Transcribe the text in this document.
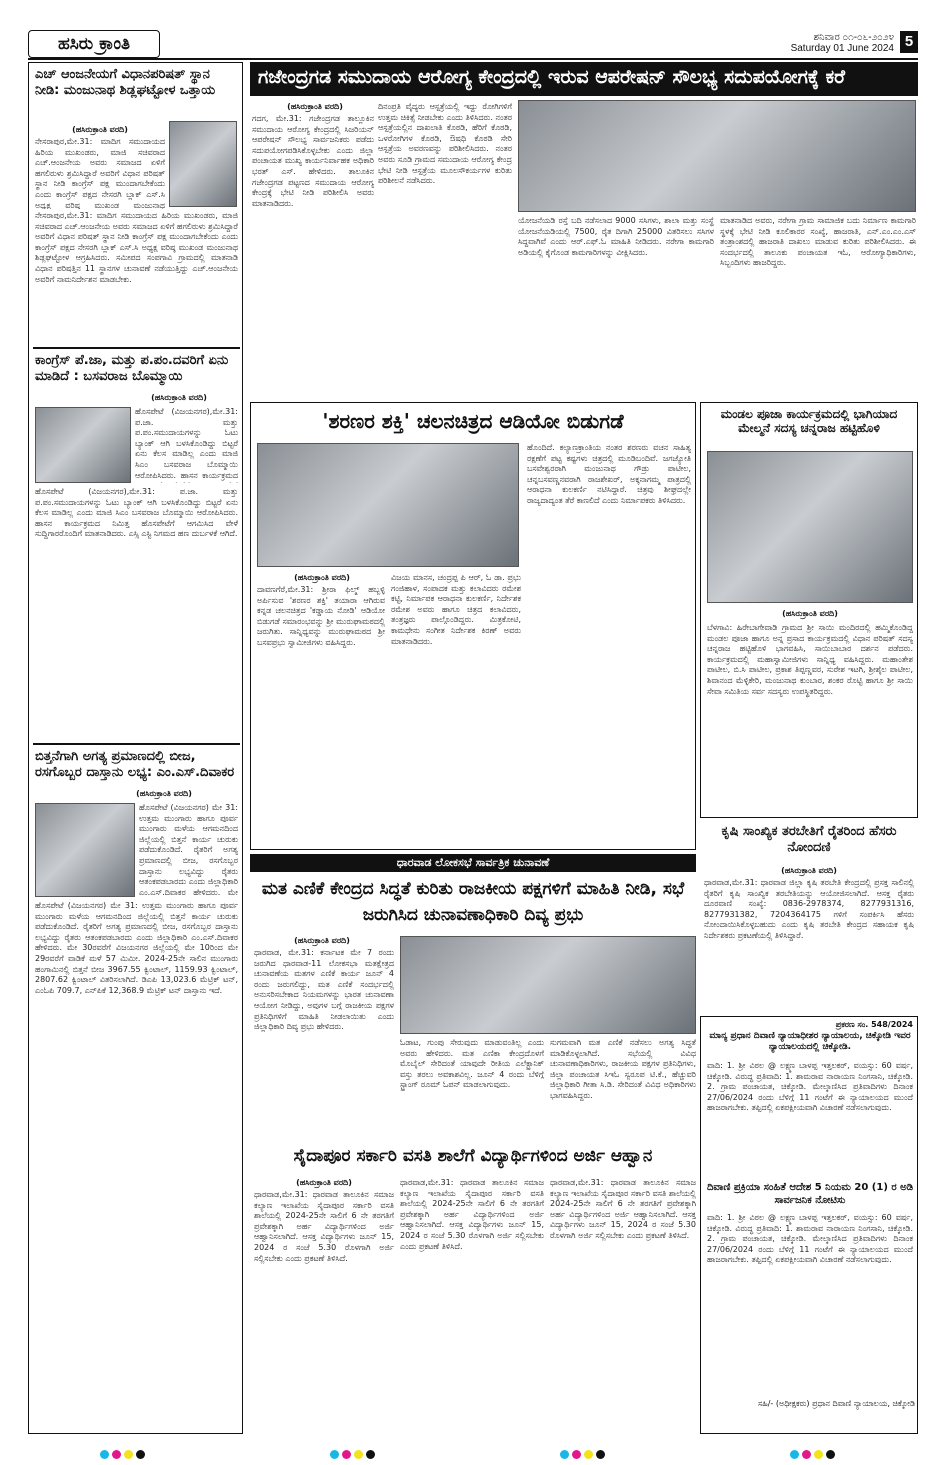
ಹಸಿರು ಕ್ರಾಂತಿ	ಶನಿವಾರ ೦೧-೦೬-೨೦೨೪
Saturday 01 June 2024 5
ಎಚ್ ಆಂಜನೇಯಗೆ ವಿಧಾನಪರಿಷತ್ ಸ್ಥಾನ ನೀಡಿ: ಮಂಜುನಾಥ ಶಿಡ್ಲಘಟ್ಟೋಳ ಒತ್ತಾಯ
(ಹಸಿರುಕ್ರಾಂತಿ ವರದಿ)
ನೇಸರಾಪುರ,ಮೇ.31: ಮಾದಿಗ ಸಮುದಾಯದ ಹಿರಿಯ ಮುಖಂಡರು, ಮಾಜಿ ಸಚಿವರಾದ ಎಚ್.ಆಂಜನೇಯ ಅವರು ಸಮಾಜದ ಏಳಿಗೆ ಹಗಲಿರುಳು ಶ್ರಮಿಸಿದ್ದಾರೆ ಅವರಿಗೆ ವಿಧಾನ ಪರಿಷತ್ ಸ್ಥಾನ ನೀಡಿ ಕಾಂಗ್ರೆಸ್ ಪಕ್ಷ ಮುಂದಾಗಬೇಕೆಂದು ಎಂದು ಕಾಂಗ್ರೆಸ್ ಪಕ್ಷದ ನೇಸರಗಿ ಬ್ಲಾಕ್ ಎಸ್.ಸಿ ಅಧ್ಯಕ್ಷ ವರಿಷ್ಠ ಮುಖಂಡ ಮಂಜುನಾಥ
ನೇಸರಾಪುರ,ಮೇ.31: ಮಾದಿಗ ಸಮುದಾಯದ ಹಿರಿಯ ಮುಖಂಡರು, ಮಾಜಿ ಸಚಿವರಾದ ಎಚ್.ಆಂಜನೇಯ ಅವರು ಸಮಾಜದ ಏಳಿಗೆ ಹಗಲಿರುಳು ಶ್ರಮಿಸಿದ್ದಾರೆ ಅವರಿಗೆ ವಿಧಾನ ಪರಿಷತ್ ಸ್ಥಾನ ನೀಡಿ ಕಾಂಗ್ರೆಸ್ ಪಕ್ಷ ಮುಂದಾಗಬೇಕೆಂದು ಎಂದು ಕಾಂಗ್ರೆಸ್ ಪಕ್ಷದ ನೇಸರಗಿ ಬ್ಲಾಕ್ ಎಸ್.ಸಿ ಅಧ್ಯಕ್ಷ ವರಿಷ್ಠ ಮುಖಂಡ ಮಂಜುನಾಥ ಶಿಡ್ಲಘಟ್ಟೋಳ ಆಗ್ರಹಿಸಿದರು. ಸಮೀಪದ ಸಂಪಗಾವಿ ಗ್ರಾಮದಲ್ಲಿ ಮಾತನಾಡಿ ವಿಧಾನ ಪರಿಷತ್ತಿನ 11 ಸ್ಥಾನಗಳ ಚುನಾವಣೆ ನಡೆಯುತ್ತಿದ್ದು ಎಚ್.ಆಂಜನೇಯ ಅವರಿಗೆ ನಾಮನಿರ್ದೇಶನ ಮಾಡಬೇಕು.
ಕಾಂಗ್ರೆಸ್ ಪೆ.ಜಾ, ಮತ್ತು ಪ.ಪಂ.ದವರಿಗೆ ಏನು ಮಾಡಿದೆ : ಬಸವರಾಜ ಬೊಮ್ಮಾಯಿ
(ಹಸಿರುಕ್ರಾಂತಿ ವರದಿ)
ಹೊಸಪೇಟೆ (ವಿಜಯನಗರ),ಮೇ.31: ಪ.ಜಾ. ಮತ್ತು ಪ.ಪಂ.ಸಮುದಾಯಗಳನ್ನು ಓಟು ಬ್ಯಾಂಕ್ ಆಗಿ ಬಳಸಿಕೊಂಡಿದ್ದು ಬಿಟ್ಟರೆ ಏನು ಕೆಲಸ ಮಾಡಿಲ್ಲ ಎಂದು ಮಾಜಿ ಸಿಎಂ ಬಸವರಾಜ ಬೊಮ್ಮಾಯಿ ಆರೋಪಿಸಿದರು. ಹಾಸನ ಕಾರ್ಯಕ್ರಮದ
ಹೊಸಪೇಟೆ (ವಿಜಯನಗರ),ಮೇ.31: ಪ.ಜಾ. ಮತ್ತು ಪ.ಪಂ.ಸಮುದಾಯಗಳನ್ನು ಓಟು ಬ್ಯಾಂಕ್ ಆಗಿ ಬಳಸಿಕೊಂಡಿದ್ದು ಬಿಟ್ಟರೆ ಏನು ಕೆಲಸ ಮಾಡಿಲ್ಲ ಎಂದು ಮಾಜಿ ಸಿಎಂ ಬಸವರಾಜ ಬೊಮ್ಮಾಯಿ ಆರೋಪಿಸಿದರು. ಹಾಸನ ಕಾರ್ಯಕ್ರಮದ ನಿಮಿತ್ತ ಹೊಸಪೇಟೆಗೆ ಆಗಮಿಸಿದ ವೇಳೆ ಸುದ್ದಿಗಾರರೊಂದಿಗೆ ಮಾತನಾಡಿದರು. ಎಸ್ಸಿ ಎಸ್ಟಿ ನಿಗಮದ ಹಣ ದುರ್ಬಳಕೆ ಆಗಿದೆ.
ಬಿತ್ತನೆಗಾಗಿ ಅಗತ್ಯ ಪ್ರಮಾಣದಲ್ಲಿ ಬೀಜ, ರಸಗೊಬ್ಬರ ದಾಸ್ತಾನು ಲಭ್ಯ: ಎಂ.ಎಸ್.ದಿವಾಕರ
(ಹಸಿರುಕ್ರಾಂತಿ ವರದಿ)
ಹೊಸಪೇಟೆ (ವಿಜಯನಗರ) ಮೇ 31: ಉತ್ತಮ ಮುಂಗಾರು ಹಾಗೂ ಪೂರ್ವ ಮುಂಗಾರು ಮಳೆಯ ಆಗಮನದಿಂದ ಜಿಲ್ಲೆಯಲ್ಲಿ ಬಿತ್ತನೆ ಕಾರ್ಯ ಚುರುಕು ಪಡೆದುಕೊಂಡಿದೆ. ರೈತರಿಗೆ ಅಗತ್ಯ ಪ್ರಮಾಣದಲ್ಲಿ ಬೀಜ, ರಸಗೊಬ್ಬರ ದಾಸ್ತಾನು ಲಭ್ಯವಿದ್ದು ರೈತರು ಆತಂಕಪಡಬಾರದು ಎಂದು ಜಿಲ್ಲಾಧಿಕಾರಿ ಎಂ.ಎಸ್.ದಿವಾಕರ ಹೇಳಿದರು. ಮೇ
ಹೊಸಪೇಟೆ (ವಿಜಯನಗರ) ಮೇ 31: ಉತ್ತಮ ಮುಂಗಾರು ಹಾಗೂ ಪೂರ್ವ ಮುಂಗಾರು ಮಳೆಯ ಆಗಮನದಿಂದ ಜಿಲ್ಲೆಯಲ್ಲಿ ಬಿತ್ತನೆ ಕಾರ್ಯ ಚುರುಕು ಪಡೆದುಕೊಂಡಿದೆ. ರೈತರಿಗೆ ಅಗತ್ಯ ಪ್ರಮಾಣದಲ್ಲಿ ಬೀಜ, ರಸಗೊಬ್ಬರ ದಾಸ್ತಾನು ಲಭ್ಯವಿದ್ದು ರೈತರು ಆತಂಕಪಡಬಾರದು ಎಂದು ಜಿಲ್ಲಾಧಿಕಾರಿ ಎಂ.ಎಸ್.ದಿವಾಕರ ಹೇಳಿದರು. ಮೇ 30ರವರೆಗೆ ವಿಜಯನಗರ ಜಿಲ್ಲೆಯಲ್ಲಿ ಮೇ 10ರಿಂದ ಮೇ 29ರವರೆಗೆ ವಾಡಿಕೆ ಮಳೆ 57 ಮಿಮೀ. 2024-25ನೇ ಸಾಲಿನ ಮುಂಗಾರು ಹಂಗಾಮಿನಲ್ಲಿ ಬಿತ್ತನೆ ಬೀಜ 3967.55 ಕ್ವಿಂಟಾಲ್, 1159.93 ಕ್ವಿಂಟಾಲ್, 2807.62 ಕ್ವಿಂಟಾಲ್ ವಿತರಿಸಲಾಗಿದೆ. ಡಿಎಪಿ 13,023.6 ಮೆಟ್ರಿಕ್ ಟನ್, ಎಂಓಪಿ 709.7, ಎನ್‌ಪಿಕೆ 12,368.9 ಮೆಟ್ರಿಕ್ ಟನ್ ದಾಸ್ತಾನು ಇದೆ.
ಗಜೇಂದ್ರಗಡ ಸಮುದಾಯ ಆರೋಗ್ಯ ಕೇಂದ್ರದಲ್ಲಿ ಇರುವ ಆಪರೇಷನ್ ಸೌಲಭ್ಯ ಸದುಪಯೋಗಕ್ಕೆ ಕರೆ
(ಹಸಿರುಕ್ರಾಂತಿ ವರದಿ)
ಗದಗ, ಮೇ.31: ಗಜೇಂದ್ರಗಡ ತಾಲ್ಲೂಕಿನ ಸಮುದಾಯ ಆರೋಗ್ಯ ಕೇಂದ್ರದಲ್ಲಿ ಸಿಜರಿಯನ್ ಆಪರೇಷನ್ ಸೌಲಭ್ಯ ಸಾರ್ವಜನಿಕರು ಪಡೆದು ಸದುಪಯೋಗಪಡಿಸಿಕೊಳ್ಳಬೇಕು ಎಂದು ಜಿಲ್ಲಾ ಪಂಚಾಯತ ಮುಖ್ಯ ಕಾರ್ಯನಿರ್ವಾಹಕ ಅಧಿಕಾರಿ ಭರತ್ ಎಸ್. ಹೇಳಿದರು. ತಾಲೂಕಿನ ಗಜೇಂದ್ರಗಡ ಪಟ್ಟಣದ ಸಮುದಾಯ ಆರೋಗ್ಯ ಕೇಂದ್ರಕ್ಕೆ ಭೇಟಿ ನೀಡಿ ಪರಿಶೀಲಿಸಿ ಅವರು ಮಾತನಾಡಿದರು.
ದಿನಂಪ್ರತಿ ವೈದ್ಯರು ಆಸ್ಪತ್ರೆಯಲ್ಲಿ ಇದ್ದು ರೋಗಿಗಳಿಗೆ ಉತ್ತಮ ಚಿಕಿತ್ಸೆ ನೀಡಬೇಕು ಎಂದು ತಿಳಿಸಿದರು. ನಂತರ ಆಸ್ಪತ್ರೆಯಲ್ಲಿನ ದಾಖಲಾತಿ ಕೊಠಡಿ, ಹೆರಿಗೆ ಕೊಠಡಿ, ಒಳರೋಗಿಗಳ ಕೊಠಡಿ, ಔಷಧಿ ಕೊಠಡಿ ಸೇರಿ ಆಸ್ಪತ್ರೆಯ ಅವರಣವನ್ನು ಪರಿಶೀಲಿಸಿದರು. ನಂತರ ಅವರು ಸೂಡಿ ಗ್ರಾಮದ ಸಮುದಾಯ ಆರೋಗ್ಯ ಕೇಂದ್ರ ಭೇಟಿ ನೀಡಿ ಆಸ್ಪತ್ರೆಯ ಮೂಲಸೌಕರ್ಯಗಳ ಕುರಿತು ಪರಿಶೀಲನೆ ನಡೆಸಿದರು.
ಯೋಜನೆಯಡಿ ರಸ್ತೆ ಬದಿ ನಡೆಸಲಾದ 9000 ಸಸಿಗಳು, ಶಾಲಾ ಮತ್ತು ಸಂಸ್ಥೆ ಯೋಜನೆಯಡಿಯಲ್ಲಿ 7500, ರೈತ ದಿಗಾಗಿ 25000 ವಿತರಿಸಲು ಸಸಿಗಳ ಸಿದ್ದವಾಗಿವೆ ಎಂದು ಆರ್.ಎಫ್.ಓ ಮಾಹಿತಿ ನೀಡಿದರು. ನರೇಗಾ ಕಾಮಗಾರಿ ಅಡಿಯಲ್ಲಿ ಕೈಗೊಂಡ ಕಾಮಗಾರಿಗಳನ್ನು ವೀಕ್ಷಿಸಿದರು.
ಮಾತನಾಡಿದ ಅವರು, ನರೇಗಾ ಗ್ರಾಮ ಸಾಮಾಜಿಕ ಬದು ನಿರ್ಮಾಣ ಕಾಮಗಾರಿ ಸ್ಥಳಕ್ಕೆ ಭೇಟಿ ನೀಡಿ ಕೂಲಿಕಾರರ ಸಂಖ್ಯೆ, ಹಾಜರಾತಿ, ಎನ್.ಎಂ.ಎಂ.ಎಸ್ ತಂತ್ರಾಂಶದಲ್ಲಿ ಹಾಜರಾತಿ ದಾಖಲು ಮಾಡುವ ಕುರಿತು ಪರಿಶೀಲಿಸಿದರು. ಈ ಸಂದರ್ಭದಲ್ಲಿ ತಾಲೂಕು ಪಂಚಾಯತ ಇಓ, ಆರೋಗ್ಯಾಧಿಕಾರಿಗಳು, ಸಿಬ್ಬಂದಿಗಳು ಹಾಜರಿದ್ದರು.
'ಶರಣರ ಶಕ್ತಿ' ಚಲನಚಿತ್ರದ ಆಡಿಯೋ ಬಿಡುಗಡೆ
(ಹಸಿರುಕ್ರಾಂತಿ ವರದಿ)
ದಾವಣಗೆರೆ,ಮೇ.31: ಶ್ರೀರಾ ಫಿಲ್ಮ್ ಹಬ್ಬಳ್ಳಿ ಅರ್ಪಿಸುವ 'ಶರಣರ ಶಕ್ತಿ' ತಯಾರಾ ಆಗಿರುವ ಕನ್ನಡ ಚಲನಚಿತ್ರದ 'ಕಡ್ಡಾಯ ನೋಡಿ' ಆಡಿಯೋ ಬಿಡುಗಡೆ ಸಮಾರಂಭವನ್ನು ಶ್ರೀ ಮುರುಘಾಮಠದಲ್ಲಿ ಜರುಗಿತು. ಸಾನ್ನಿಧ್ಯವನ್ನು ಮುರುಘಾಮಠದ ಶ್ರೀ ಬಸವಪ್ರಭು ಸ್ವಾಮೀಜಿಗಳು ವಹಿಸಿದ್ದರು.
ವಿಜಯ ಮಾನಸ, ಚಂದ್ರಪ್ಪ ಪಿ ಆರ್, ಓ ಡಾ. ಪ್ರಭು ಗಂಜಿಹಾಳ, ಸಂಪಾದಕ ಮತ್ತು ಕಲಾವಿದರು ರಮೇಶ ಕಟ್ಟಿ, ನಿರ್ಮಾಪಕ ಆರಾಧನಾ ಕುಲಕರ್ಣಿ, ನಿರ್ದೇಶಕ ರಮೇಶ ಅವರು ಹಾಗೂ ಚಿತ್ರದ ಕಲಾವಿದರು, ತಂತ್ರಜ್ಞರು ಪಾಲ್ಗೊಂಡಿದ್ದರು. ಮಿತ್ರಕೋಟಿ, ಕಾಮಧೇನು ಸಂಗೀತ ನಿರ್ದೇಶಕ ಕಿರಣ್ ಅವರು ಮಾತನಾಡಿದರು.
ಹೊಂದಿದೆ. ಕಲ್ಯಾಣಕ್ರಾಂತಿಯ ನಂತರ ಶರಣರು ವಚನ ಸಾಹಿತ್ಯ ರಕ್ಷಣೆಗೆ ಪಟ್ಟ ಕಷ್ಟಗಳು ಚಿತ್ರದಲ್ಲಿ ಮೂಡಿಬಂದಿವೆ. ಜಗಜ್ಯೋತಿ ಬಸವೇಶ್ವರರಾಗಿ ಮಂಜುನಾಥ ಗೌಡ್ರು ಪಾಟೀಲ, ಚನ್ನಬಸವಣ್ಣನವರಾಗಿ ರಾಜಶೇಖರ್, ಅಕ್ಕನಾಗಮ್ಮ ಪಾತ್ರದಲ್ಲಿ ಆರಾಧನಾ ಕುಲಕರ್ಣಿ ನಟಿಸಿದ್ದಾರೆ. ಚಿತ್ರವು ಶೀಘ್ರದಲ್ಲೇ ರಾಜ್ಯದಾದ್ಯಂತ ತೆರೆ ಕಾಣಲಿದೆ ಎಂದು ನಿರ್ಮಾಪಕರು ತಿಳಿಸಿದರು.
ಮಂಡಲ ಪೂಜಾ ಕಾರ್ಯಕ್ರಮದಲ್ಲಿ ಭಾಗಿಯಾದ ಮೇಲ್ಮನೆ ಸದಸ್ಯ ಚನ್ನರಾಜ ಹಟ್ಟಿಹೊಳಿ
(ಹಸಿರುಕ್ರಾಂತಿ ವರದಿ)
ಬೆಳಗಾವಿ: ಹಿರೇಬಾಗೇವಾಡಿ ಗ್ರಾಮದ ಶ್ರೀ ಸಾಯಿ ಮಂದಿರದಲ್ಲಿ ಹಮ್ಮಿಕೊಂಡಿದ್ದ ಮಂಡಲ ಪೂಜಾ ಹಾಗೂ ಅನ್ನ ಪ್ರಸಾದ ಕಾರ್ಯಕ್ರಮದಲ್ಲಿ ವಿಧಾನ ಪರಿಷತ್ ಸದಸ್ಯ ಚನ್ನರಾಜ ಹಟ್ಟಿಹೊಳಿ ಭಾಗವಹಿಸಿ, ಸಾಯಿಬಾಬಾರ ದರ್ಶನ ಪಡೆದರು. ಕಾರ್ಯಕ್ರಮದಲ್ಲಿ ಮಹಾಸ್ವಾಮೀಜಿಗಳು ಸಾನ್ನಿಧ್ಯ ವಹಿಸಿದ್ದರು. ಮಹಾಂತೇಶ ಪಾಟೀಲ, ಬಿ.ಸಿ ಪಾಟೀಲ, ಪ್ರಕಾಶ ತಿಪ್ಪಣ್ಣವರ, ಸುರೇಶ ಇಟಗಿ, ಶ್ರೀಶೈಲ ಪಾಟೀಲ, ಶಿವಾನಂದ ಮೆಳ್ಳಿಕೇರಿ, ಮಂಜುನಾಥ ಕುಂಬಾರ, ಶಂಕರ ರೊಟ್ಟಿ ಹಾಗೂ ಶ್ರೀ ಸಾಯಿ ಸೇವಾ ಸಮಿತಿಯ ಸರ್ವ ಸದಸ್ಯರು ಉಪಸ್ಥಿತರಿದ್ದರು.
ಕೃಷಿ ಸಾಂಖ್ಯಿಕ ತರಬೇತಿಗೆ ರೈತರಿಂದ ಹೆಸರು ನೋಂದಣಿ
(ಹಸಿರುಕ್ರಾಂತಿ ವರದಿ)
ಧಾರವಾಡ,ಮೇ.31: ಧಾರವಾಡ ಜಿಲ್ಲಾ ಕೃಷಿ ತರಬೇತಿ ಕೇಂದ್ರದಲ್ಲಿ ಪ್ರಸಕ್ತ ಸಾಲಿನಲ್ಲಿ ರೈತರಿಗೆ ಕೃಷಿ ಸಾಂಖ್ಯಿಕ ತರಬೇತಿಯನ್ನು ಆಯೋಜಿಸಲಾಗಿದೆ. ಆಸಕ್ತ ರೈತರು ದೂರವಾಣಿ ಸಂಖ್ಯೆ: 0836-2978374, 8277931316, 8277931382, 7204364175 ಗಳಿಗೆ ಸಂಪರ್ಕಿಸಿ ಹೆಸರು ನೋಂದಾಯಿಸಿಕೊಳ್ಳಬಹುದು ಎಂದು ಕೃಷಿ ತರಬೇತಿ ಕೇಂದ್ರದ ಸಹಾಯಕ ಕೃಷಿ ನಿರ್ದೇಶಕರು ಪ್ರಕಟಣೆಯಲ್ಲಿ ತಿಳಿಸಿದ್ದಾರೆ.
ಧಾರವಾಡ ಲೋಕಸಭೆ ಸಾರ್ವತ್ರಿಕ ಚುನಾವಣೆ
ಮತ ಎಣಿಕೆ ಕೇಂದ್ರದ ಸಿದ್ಧತೆ ಕುರಿತು ರಾಜಕೀಯ ಪಕ್ಷಗಳಿಗೆ ಮಾಹಿತಿ ನೀಡಿ, ಸಭೆ ಜರುಗಿಸಿದ ಚುನಾವಣಾಧಿಕಾರಿ ದಿವ್ಯ ಪ್ರಭು
(ಹಸಿರುಕ್ರಾಂತಿ ವರದಿ)
ಧಾರವಾಡ, ಮೇ.31: ಕರ್ನಾಟಕ ಮೇ 7 ರಂದು ಜರುಗಿದ ಧಾರವಾಡ-11 ಲೋಕಸಭಾ ಮತಕ್ಷೇತ್ರದ ಚುನಾವಣೆಯ ಮತಗಳ ಎಣಿಕೆ ಕಾರ್ಯ ಜೂನ್ 4 ರಂದು ಜರುಗಲಿದ್ದು, ಮತ ಎಣಿಕೆ ಸಂದರ್ಭದಲ್ಲಿ ಅನುಸರಿಸಬೇಕಾದ ನಿಯಮಗಳನ್ನು ಭಾರತ ಚುನಾವಣಾ ಆಯೋಗ ನೀಡಿದ್ದು, ಅವುಗಳ ಬಗ್ಗೆ ರಾಜಕೀಯ ಪಕ್ಷಗಳ ಪ್ರತಿನಿಧಿಗಳಿಗೆ ಮಾಹಿತಿ ನೀಡಲಾಯಿತು ಎಂದು ಜಿಲ್ಲಾಧಿಕಾರಿ ದಿವ್ಯ ಪ್ರಭು ಹೇಳಿದರು.
ಓಡಾಟ, ಗುಂಪು ಸೇರುವುದು ಮಾಡುವಂತಿಲ್ಲ ಎಂದು ಅವರು ಹೇಳಿದರು. ಮತ ಎಣಿಕಾ ಕೇಂದ್ರದೊಳಗೆ ಮೊಬೈಲ್ ಸೇರಿದಂತೆ ಯಾವುದೇ ರೀತಿಯ ಎಲೆಕ್ಟ್ರಾನಿಕ್ ವಸ್ತು ತರಲು ಅವಕಾಶವಿಲ್ಲ. ಜೂನ್ 4 ರಂದು ಬೆಳಿಗ್ಗೆ ಸ್ಟ್ರಾಂಗ್ ರೂಮ್ ಓಪನ್ ಮಾಡಲಾಗುವುದು.
ಸುಗಮವಾಗಿ ಮತ ಎಣಿಕೆ ನಡೆಸಲು ಅಗತ್ಯ ಸಿದ್ಧತೆ ಮಾಡಿಕೊಳ್ಳಲಾಗಿದೆ. ಸಭೆಯಲ್ಲಿ ವಿವಿಧ ಚುನಾವಣಾಧಿಕಾರಿಗಳು, ರಾಜಕೀಯ ಪಕ್ಷಗಳ ಪ್ರತಿನಿಧಿಗಳು, ಜಿಲ್ಲಾ ಪಂಚಾಯತ ಸಿಇಓ ಸ್ವರೂಪ ಟಿ.ಕೆ., ಹೆಚ್ಚುವರಿ ಜಿಲ್ಲಾಧಿಕಾರಿ ಗೀತಾ ಸಿ.ಡಿ. ಸೇರಿದಂತೆ ವಿವಿಧ ಅಧಿಕಾರಿಗಳು ಭಾಗವಹಿಸಿದ್ದರು.
ಸೈದಾಪೂರ ಸರ್ಕಾರಿ ವಸತಿ ಶಾಲೆಗೆ ವಿದ್ಯಾರ್ಥಿಗಳಿಂದ ಅರ್ಜಿ ಆಹ್ವಾನ
(ಹಸಿರುಕ್ರಾಂತಿ ವರದಿ)
ಧಾರವಾಡ,ಮೇ.31: ಧಾರವಾಡ ತಾಲೂಕಿನ ಸಮಾಜ ಕಲ್ಯಾಣ ಇಲಾಖೆಯ ಸೈದಾಪೂರ ಸರ್ಕಾರಿ ವಸತಿ ಶಾಲೆಯಲ್ಲಿ 2024-25ನೇ ಸಾಲಿಗೆ 6 ನೇ ತರಗತಿಗೆ ಪ್ರವೇಶಕ್ಕಾಗಿ ಅರ್ಹ ವಿದ್ಯಾರ್ಥಿಗಳಿಂದ ಅರ್ಜಿ ಆಹ್ವಾನಿಸಲಾಗಿದೆ. ಆಸಕ್ತ ವಿದ್ಯಾರ್ಥಿಗಳು ಜೂನ್ 15, 2024 ರ ಸಂಜೆ 5.30 ರೊಳಗಾಗಿ ಅರ್ಜಿ ಸಲ್ಲಿಸಬೇಕು ಎಂದು ಪ್ರಕಟಣೆ ತಿಳಿಸಿದೆ.
ಧಾರವಾಡ,ಮೇ.31: ಧಾರವಾಡ ತಾಲೂಕಿನ ಸಮಾಜ ಕಲ್ಯಾಣ ಇಲಾಖೆಯ ಸೈದಾಪೂರ ಸರ್ಕಾರಿ ವಸತಿ ಶಾಲೆಯಲ್ಲಿ 2024-25ನೇ ಸಾಲಿಗೆ 6 ನೇ ತರಗತಿಗೆ ಪ್ರವೇಶಕ್ಕಾಗಿ ಅರ್ಹ ವಿದ್ಯಾರ್ಥಿಗಳಿಂದ ಅರ್ಜಿ ಆಹ್ವಾನಿಸಲಾಗಿದೆ. ಆಸಕ್ತ ವಿದ್ಯಾರ್ಥಿಗಳು ಜೂನ್ 15, 2024 ರ ಸಂಜೆ 5.30 ರೊಳಗಾಗಿ ಅರ್ಜಿ ಸಲ್ಲಿಸಬೇಕು ಎಂದು ಪ್ರಕಟಣೆ ತಿಳಿಸಿದೆ.
ಧಾರವಾಡ,ಮೇ.31: ಧಾರವಾಡ ತಾಲೂಕಿನ ಸಮಾಜ ಕಲ್ಯಾಣ ಇಲಾಖೆಯ ಸೈದಾಪೂರ ಸರ್ಕಾರಿ ವಸತಿ ಶಾಲೆಯಲ್ಲಿ 2024-25ನೇ ಸಾಲಿಗೆ 6 ನೇ ತರಗತಿಗೆ ಪ್ರವೇಶಕ್ಕಾಗಿ ಅರ್ಹ ವಿದ್ಯಾರ್ಥಿಗಳಿಂದ ಅರ್ಜಿ ಆಹ್ವಾನಿಸಲಾಗಿದೆ. ಆಸಕ್ತ ವಿದ್ಯಾರ್ಥಿಗಳು ಜೂನ್ 15, 2024 ರ ಸಂಜೆ 5.30 ರೊಳಗಾಗಿ ಅರ್ಜಿ ಸಲ್ಲಿಸಬೇಕು ಎಂದು ಪ್ರಕಟಣೆ ತಿಳಿಸಿದೆ.
ಪ್ರಕರಣ ಸಂ. 548/2024
ಮಾನ್ಯ ಪ್ರಧಾನ ದಿವಾಣಿ ನ್ಯಾಯಾಧೀಶರ ನ್ಯಾಯಾಲಯ, ಚಿಕ್ಕೋಡಿ ಇವರ ನ್ಯಾಯಾಲಯದಲ್ಲಿ ಚಿಕ್ಕೋಡಿ.
ವಾದಿ: 1. ಶ್ರೀ ವಿಠಲ @ ಲಕ್ಷ್ಮಣ ಬಾಳಪ್ಪ ಇತ್ತಲಕರ್, ವಯಸ್ಸು: 60 ವರ್ಷ, ಚಿಕ್ಕೋಡಿ. ವಿರುದ್ಧ ಪ್ರತಿವಾದಿ: 1. ಶಾಮರಾವ ನಾರಾಯಣ ನಿಂಗಸಾನಿ, ಚಿಕ್ಕೋಡಿ. 2. ಗ್ರಾಮ ಪಂಚಾಯತ, ಚಿಕ್ಕೋಡಿ. ಮೇಲ್ಕಾಣಿಸಿದ ಪ್ರತಿವಾದಿಗಳು ದಿನಾಂಕ 27/06/2024 ರಂದು ಬೆಳಿಗ್ಗೆ 11 ಗಂಟೆಗೆ ಈ ನ್ಯಾಯಾಲಯದ ಮುಂದೆ ಹಾಜರಾಗಬೇಕು. ತಪ್ಪಿದಲ್ಲಿ ಏಕಪಕ್ಷೀಯವಾಗಿ ವಿಚಾರಣೆ ನಡೆಸಲಾಗುವುದು.
ದಿವಾಣಿ ಪ್ರಕ್ರಿಯಾ ಸಂಹಿತೆ ಆದೇಶ 5 ನಿಯಮ 20 (1) ರ ಅಡಿ ಸಾರ್ವಜನಿಕ ನೋಟಿಸು
ವಾದಿ: 1. ಶ್ರೀ ವಿಠಲ @ ಲಕ್ಷ್ಮಣ ಬಾಳಪ್ಪ ಇತ್ತಲಕರ್, ವಯಸ್ಸು: 60 ವರ್ಷ, ಚಿಕ್ಕೋಡಿ. ವಿರುದ್ಧ ಪ್ರತಿವಾದಿ: 1. ಶಾಮರಾವ ನಾರಾಯಣ ನಿಂಗಸಾನಿ, ಚಿಕ್ಕೋಡಿ. 2. ಗ್ರಾಮ ಪಂಚಾಯತ, ಚಿಕ್ಕೋಡಿ. ಮೇಲ್ಕಾಣಿಸಿದ ಪ್ರತಿವಾದಿಗಳು ದಿನಾಂಕ 27/06/2024 ರಂದು ಬೆಳಿಗ್ಗೆ 11 ಗಂಟೆಗೆ ಈ ನ್ಯಾಯಾಲಯದ ಮುಂದೆ ಹಾಜರಾಗಬೇಕು. ತಪ್ಪಿದಲ್ಲಿ ಏಕಪಕ್ಷೀಯವಾಗಿ ವಿಚಾರಣೆ ನಡೆಸಲಾಗುವುದು.
ಸಹಿ/- (ಅಧೀಕ್ಷಕರು) ಪ್ರಧಾನ ದಿವಾಣಿ ನ್ಯಾಯಾಲಯ, ಚಿಕ್ಕೋಡಿ
